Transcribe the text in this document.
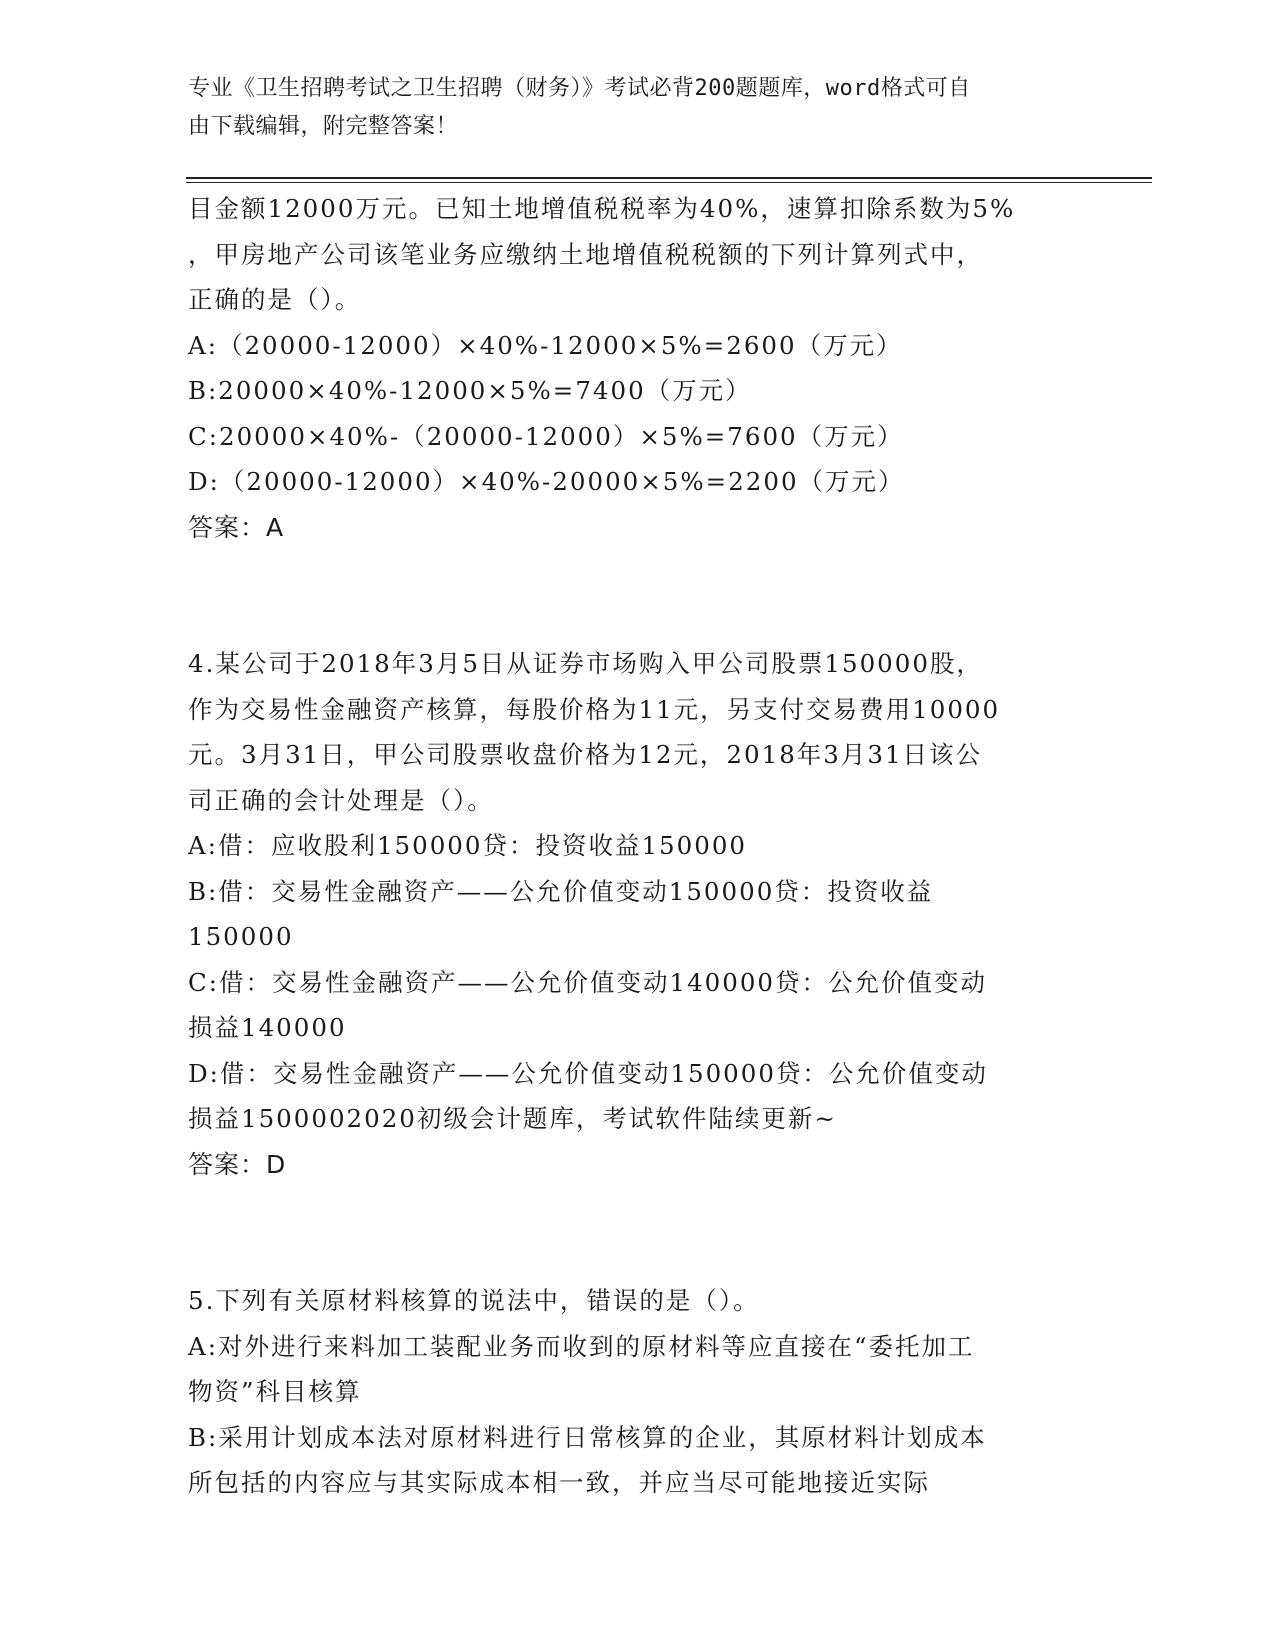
专业《卫生招聘考试之卫生招聘（财务）》考试必背200题题库，word格式可自
由下载编辑，附完整答案！
目金额12000万元。已知土地增值税税率为40%，速算扣除系数为5%
，甲房地产公司该笔业务应缴纳土地增值税税额的下列计算列式中，
正确的是（）。
A:（20000-12000）×40%-12000×5%=2600（万元）
B:20000×40%-12000×5%=7400（万元）
C:20000×40%-（20000-12000）×5%=7600（万元）
D:（20000-12000）×40%-20000×5%=2200（万元）
答案：A
4.某公司于2018年3月5日从证券市场购入甲公司股票150000股，
作为交易性金融资产核算，每股价格为11元，另支付交易费用10000
元。3月31日，甲公司股票收盘价格为12元，2018年3月31日该公
司正确的会计处理是（）。
A:借：应收股利150000贷：投资收益150000
B:借：交易性金融资产——公允价值变动150000贷：投资收益
150000
C:借：交易性金融资产——公允价值变动140000贷：公允价值变动
损益140000
D:借：交易性金融资产——公允价值变动150000贷：公允价值变动
损益1500002020初级会计题库，考试软件陆续更新~
答案：D
5.下列有关原材料核算的说法中，错误的是（）。
A:对外进行来料加工装配业务而收到的原材料等应直接在“委托加工
物资”科目核算
B:采用计划成本法对原材料进行日常核算的企业，其原材料计划成本
所包括的内容应与其实际成本相一致，并应当尽可能地接近实际
